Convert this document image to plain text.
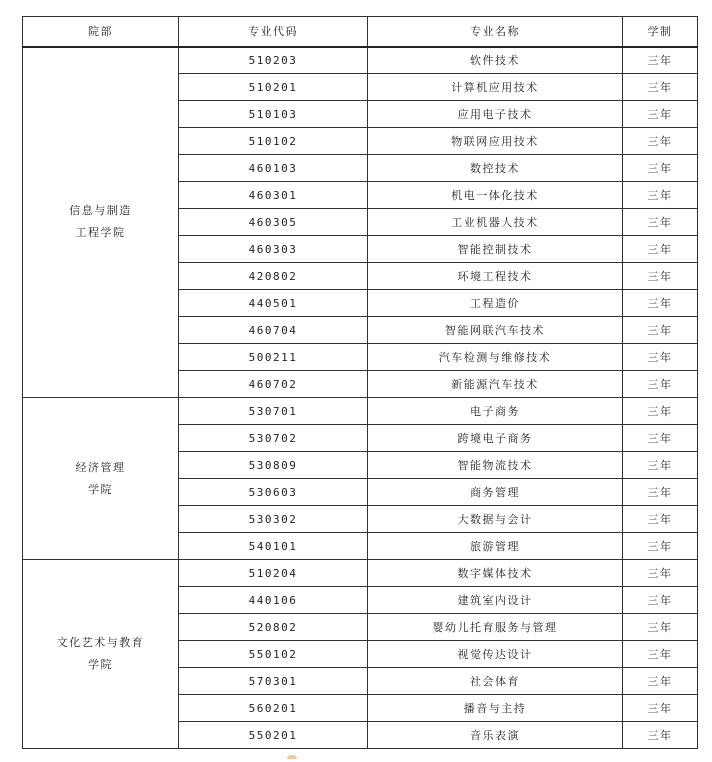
院部	专业代码	专业名称	学制

信息与制造
工程学院	510203	软件技术	三年
	510201	计算机应用技术	三年
	510103	应用电子技术	三年
	510102	物联网应用技术	三年
	460103	数控技术	三年
	460301	机电一体化技术	三年
	460305	工业机器人技术	三年
	460303	智能控制技术	三年
	420802	环境工程技术	三年
	440501	工程造价	三年
	460704	智能网联汽车技术	三年
	500211	汽车检测与维修技术	三年
	460702	新能源汽车技术	三年

经济管理
学院	530701	电子商务	三年
	530702	跨境电子商务	三年
	530809	智能物流技术	三年
	530603	商务管理	三年
	530302	大数据与会计	三年
	540101	旅游管理	三年

文化艺术与教育
学院	510204	数字媒体技术	三年
	440106	建筑室内设计	三年
	520802	婴幼儿托育服务与管理	三年
	550102	视觉传达设计	三年
	570301	社会体育	三年
	560201	播音与主持	三年
	550201	音乐表演	三年
